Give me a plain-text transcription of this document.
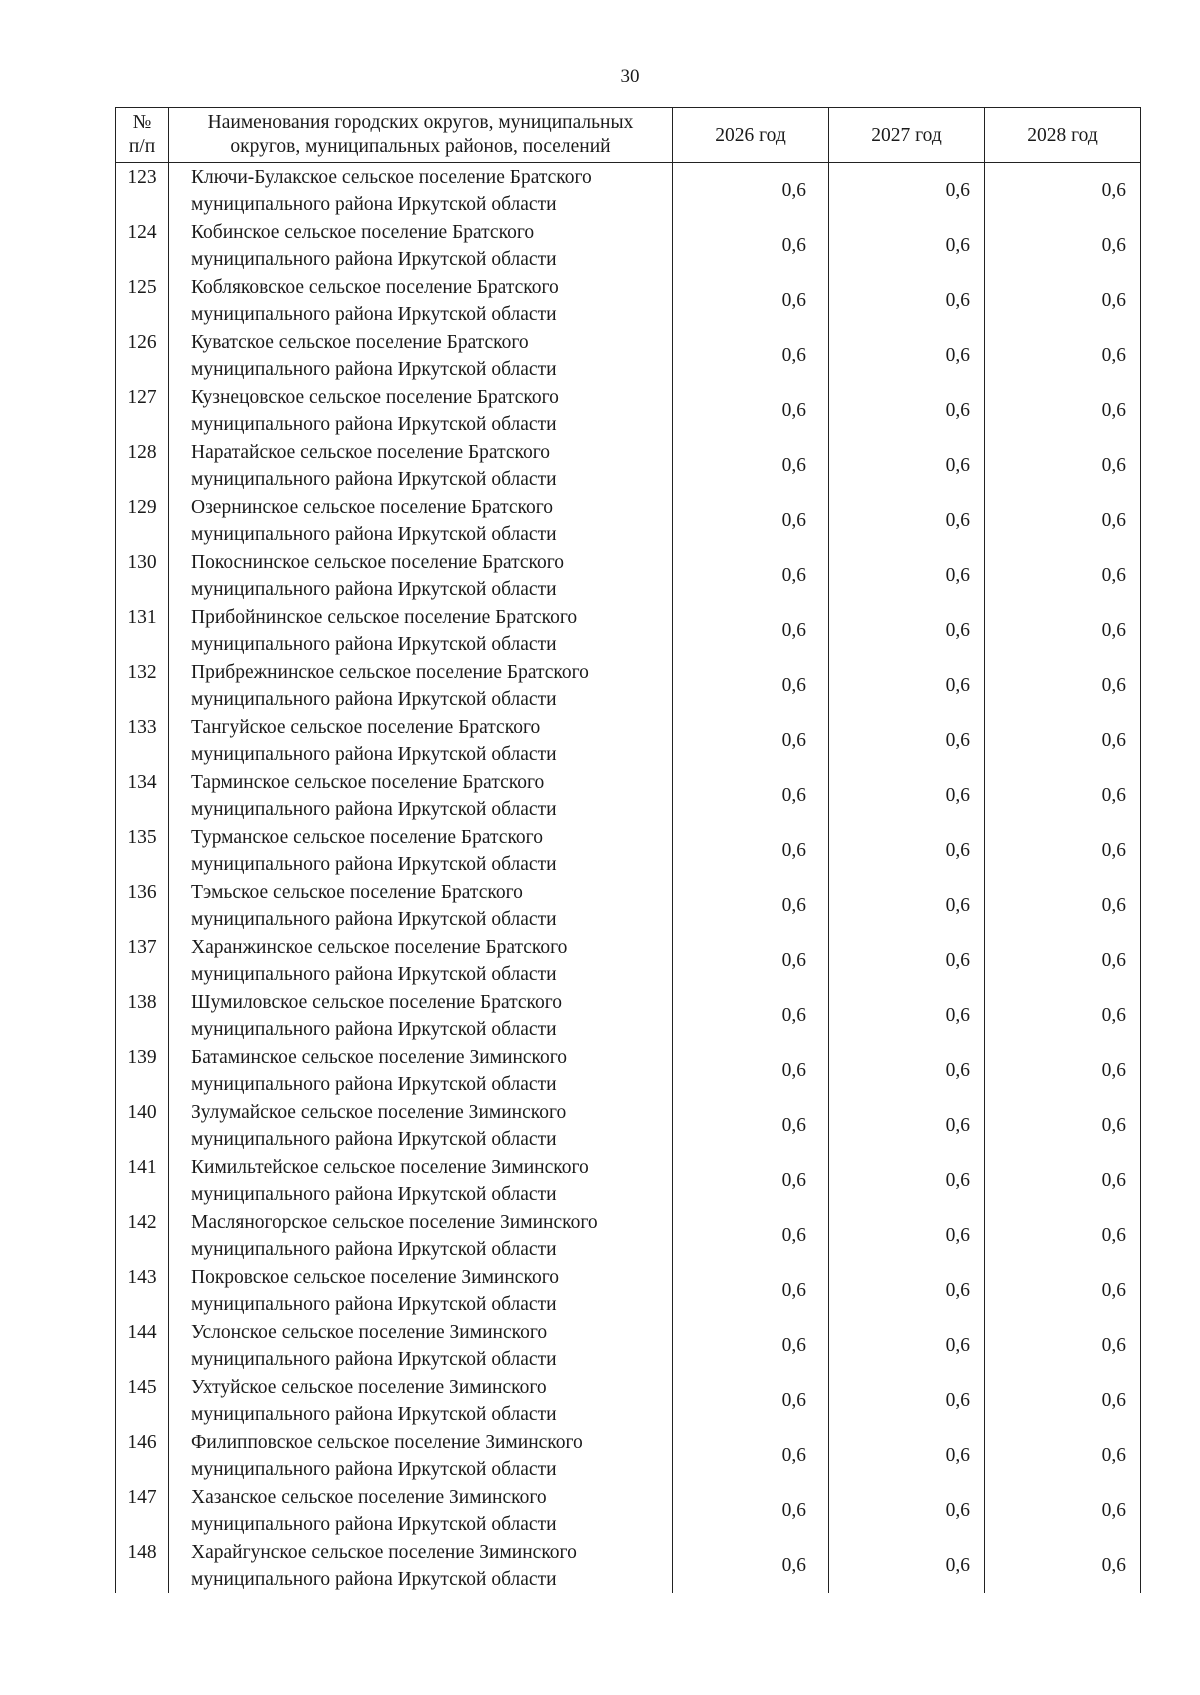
30
№
п/п	Наименования городских округов, муниципальных
округов, муниципальных районов, поселений	2026 год	2027 год	2028 год
123	Ключи-Булакское сельское поселение Братского
муниципального района Иркутской области	0,6	0,6	0,6
124	Кобинское сельское поселение Братского
муниципального района Иркутской области	0,6	0,6	0,6
125	Кобляковское сельское поселение Братского
муниципального района Иркутской области	0,6	0,6	0,6
126	Куватское сельское поселение Братского
муниципального района Иркутской области	0,6	0,6	0,6
127	Кузнецовское сельское поселение Братского
муниципального района Иркутской области	0,6	0,6	0,6
128	Наратайское сельское поселение Братского
муниципального района Иркутской области	0,6	0,6	0,6
129	Озернинское сельское поселение Братского
муниципального района Иркутской области	0,6	0,6	0,6
130	Покоснинское сельское поселение Братского
муниципального района Иркутской области	0,6	0,6	0,6
131	Прибойнинское сельское поселение Братского
муниципального района Иркутской области	0,6	0,6	0,6
132	Прибрежнинское сельское поселение Братского
муниципального района Иркутской области	0,6	0,6	0,6
133	Тангуйское сельское поселение Братского
муниципального района Иркутской области	0,6	0,6	0,6
134	Тарминское сельское поселение Братского
муниципального района Иркутской области	0,6	0,6	0,6
135	Турманское сельское поселение Братского
муниципального района Иркутской области	0,6	0,6	0,6
136	Тэмьское сельское поселение Братского
муниципального района Иркутской области	0,6	0,6	0,6
137	Харанжинское сельское поселение Братского
муниципального района Иркутской области	0,6	0,6	0,6
138	Шумиловское сельское поселение Братского
муниципального района Иркутской области	0,6	0,6	0,6
139	Батаминское сельское поселение Зиминского
муниципального района Иркутской области	0,6	0,6	0,6
140	Зулумайское сельское поселение Зиминского
муниципального района Иркутской области	0,6	0,6	0,6
141	Кимильтейское сельское поселение Зиминского
муниципального района Иркутской области	0,6	0,6	0,6
142	Масляногорское сельское поселение Зиминского
муниципального района Иркутской области	0,6	0,6	0,6
143	Покровское сельское поселение Зиминского
муниципального района Иркутской области	0,6	0,6	0,6
144	Услонское сельское поселение Зиминского
муниципального района Иркутской области	0,6	0,6	0,6
145	Ухтуйское сельское поселение Зиминского
муниципального района Иркутской области	0,6	0,6	0,6
146	Филипповское сельское поселение Зиминского
муниципального района Иркутской области	0,6	0,6	0,6
147	Хазанское сельское поселение Зиминского
муниципального района Иркутской области	0,6	0,6	0,6
148	Харайгунское сельское поселение Зиминского
муниципального района Иркутской области	0,6	0,6	0,6
